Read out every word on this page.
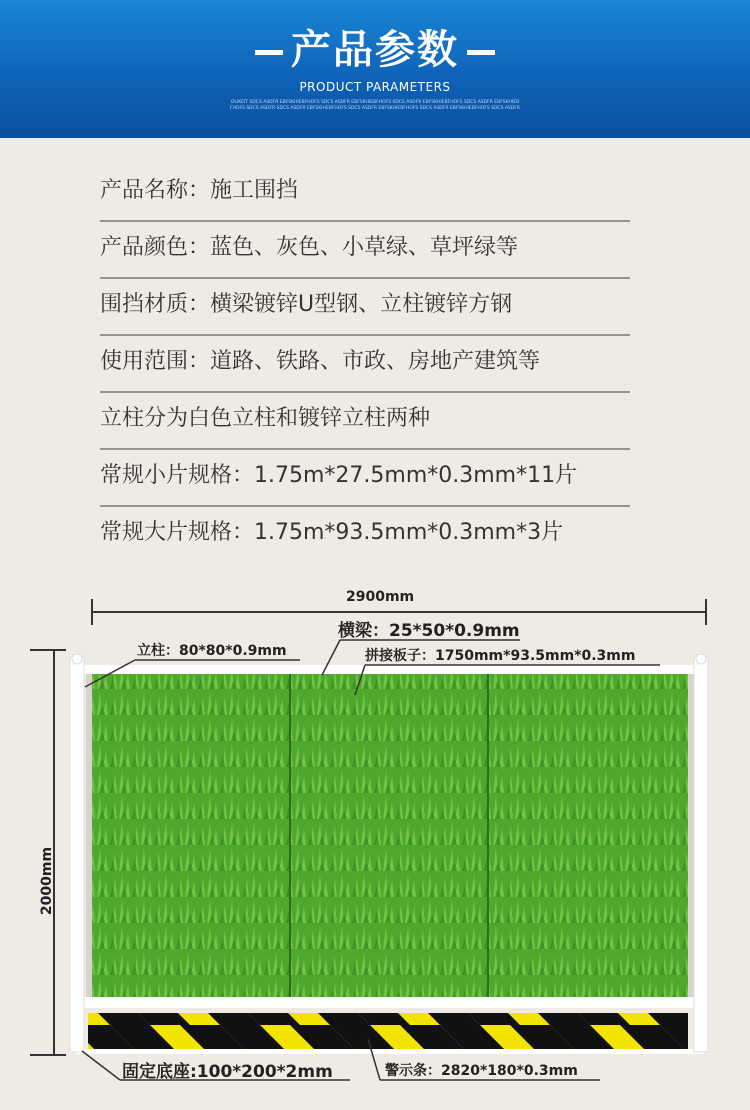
产品参数
PRODUCT PARAMETERS
OLIKEIT SDCS ASDFR EBFSKHIEBFHOFS SDCS ASDFR EBFSKHIEBFHOFS SDCS ASDFR EBFSKHIEBFHOFS SDCS ASDFR EBFSKHIEBFHOFS SDCS ASDFR SDCS ASDFR EBFSKHIEBFHOFS SDCS ASDFR EBFSKHIEBFHOFS SDCS ASDFR EBFSKHIEBFHOFS SDCS ASDFR
产品名称：施工围挡
产品颜色：蓝色、灰色、小草绿、草坪绿等
围挡材质：横梁镀锌U型钢、立柱镀锌方钢
使用范围：道路、铁路、市政、房地产建筑等
立柱分为白色立柱和镀锌立柱两种
常规小片规格：1.75m*27.5mm*0.3mm*11片
常规大片规格：1.75m*93.5mm*0.3mm*3片
2900mm
2000mm
立柱：80*80*0.9mm
横梁：25*50*0.9mm
拼接板子：1750mm*93.5mm*0.3mm
固定底座:100*200*2mm	警示条：2820*180*0.3mm
